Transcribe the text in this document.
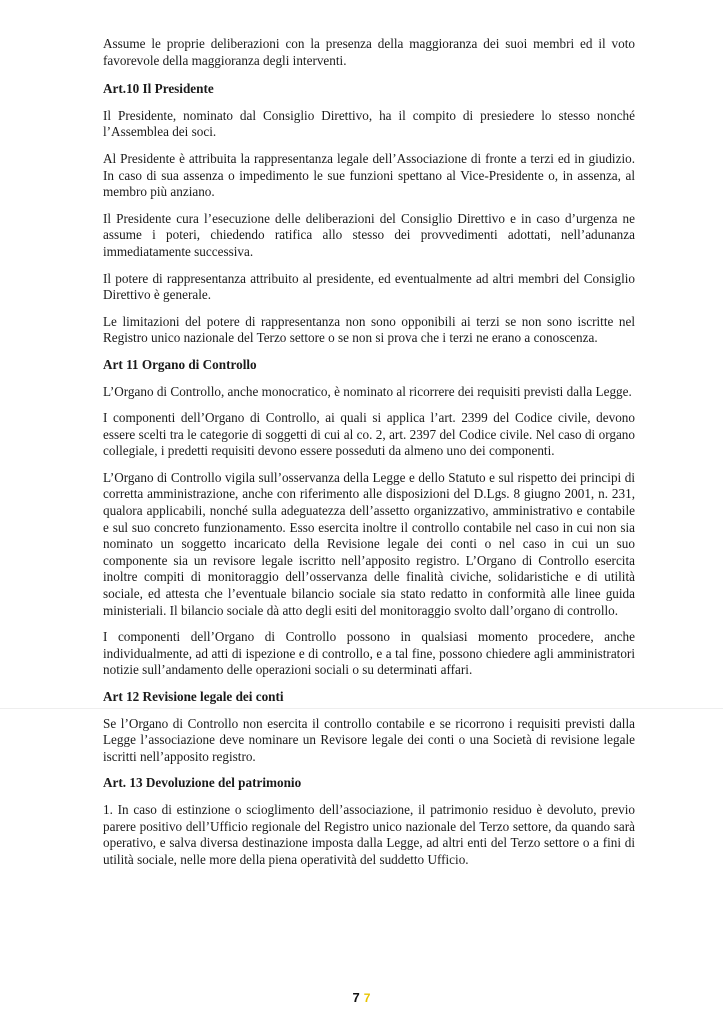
Assume le proprie deliberazioni con la presenza della maggioranza dei suoi membri ed il voto favorevole della maggioranza degli interventi.

Art.10 Il Presidente

Il Presidente, nominato dal Consiglio Direttivo, ha il compito di presiedere lo stesso nonché l’Assemblea dei soci.

Al Presidente è attribuita la rappresentanza legale dell’Associazione di fronte a terzi ed in giudizio. In caso di sua assenza o impedimento le sue funzioni spettano al Vice-Presidente o, in assenza, al membro più anziano.

Il Presidente cura l’esecuzione delle deliberazioni del Consiglio Direttivo e in caso d’urgenza ne assume i poteri, chiedendo ratifica allo stesso dei provvedimenti adottati, nell’adunanza immediatamente successiva.

Il potere di rappresentanza attribuito al presidente, ed eventualmente ad altri membri del Consiglio Direttivo è generale.

Le limitazioni del potere di rappresentanza non sono opponibili ai terzi se non sono iscritte nel Registro unico nazionale del Terzo settore o se non si prova che i terzi ne erano a conoscenza.

Art 11 Organo di Controllo

L’Organo di Controllo, anche monocratico, è nominato al ricorrere dei requisiti previsti dalla Legge.

I componenti dell’Organo di Controllo, ai quali si applica l’art. 2399 del Codice civile, devono essere scelti tra le categorie di soggetti di cui al co. 2, art. 2397 del Codice civile. Nel caso di organo collegiale, i predetti requisiti devono essere posseduti da almeno uno dei componenti.

L’Organo di Controllo vigila sull’osservanza della Legge e dello Statuto e sul rispetto dei principi di corretta amministrazione, anche con riferimento alle disposizioni del D.Lgs. 8 giugno 2001, n. 231, qualora applicabili, nonché sulla adeguatezza dell’assetto organizzativo, amministrativo e contabile e sul suo concreto funzionamento. Esso esercita inoltre il controllo contabile nel caso in cui non sia nominato un soggetto incaricato della Revisione legale dei conti o nel caso in cui un suo componente sia un revisore legale iscritto nell’apposito registro. L’Organo di Controllo esercita inoltre compiti di monitoraggio dell’osservanza delle finalità civiche, solidaristiche e di utilità sociale, ed attesta che l’eventuale bilancio sociale sia stato redatto in conformità alle linee guida ministeriali. Il bilancio sociale dà atto degli esiti del monitoraggio svolto dall’organo di controllo.

I componenti dell’Organo di Controllo possono in qualsiasi momento procedere, anche individualmente, ad atti di ispezione e di controllo, e a tal fine, possono chiedere agli amministratori notizie sull’andamento delle operazioni sociali o su determinati affari.

Art 12 Revisione legale dei conti

Se l’Organo di Controllo non esercita il controllo contabile e se ricorrono i requisiti previsti dalla Legge l’associazione deve nominare un Revisore legale dei conti o una Società di revisione legale iscritti nell’apposito registro.

Art. 13 Devoluzione del patrimonio

1. In caso di estinzione o scioglimento dell’associazione, il patrimonio residuo è devoluto, previo parere positivo dell’Ufficio regionale del Registro unico nazionale del Terzo settore, da quando sarà operativo, e salva diversa destinazione imposta dalla Legge, ad altri enti del Terzo settore o a fini di utilità sociale, nelle more della piena operatività del suddetto Ufficio.

7 7
